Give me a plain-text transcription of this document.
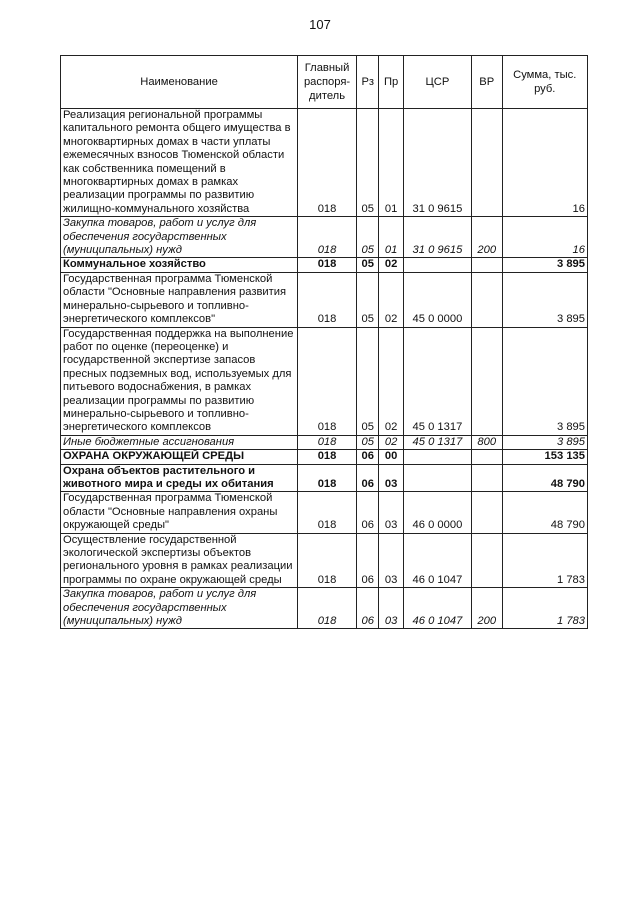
107
Наименование	Главный распоря-дитель	Рз	Пр	ЦСР	ВР	Сумма, тыс. руб.
Реализация региональной программы капитального ремонта общего имущества в многоквартирных домах в части уплаты ежемесячных взносов Тюменской области как собственника помещений в многоквартирных домах в рамках реализации программы по развитию жилищно-коммунального хозяйства	018	05	01	31 0 9615		16
Закупка товаров, работ и услуг для обеспечения государственных (муниципальных) нужд	018	05	01	31 0 9615	200	16
Коммунальное хозяйство	018	05	02			3 895
Государственная программа Тюменской области "Основные направления развития минерально-сырьевого и топливно-энергетического комплексов"	018	05	02	45 0 0000		3 895
Государственная поддержка на выполнение работ по оценке (переоценке) и государственной экспертизе запасов пресных подземных вод, используемых для питьевого водоснабжения, в рамках реализации программы по развитию минерально-сырьевого и топливно-энергетического комплексов	018	05	02	45 0 1317		3 895
Иные бюджетные ассигнования	018	05	02	45 0 1317	800	3 895
ОХРАНА ОКРУЖАЮЩЕЙ СРЕДЫ	018	06	00			153 135
Охрана объектов растительного и животного мира и среды их обитания	018	06	03			48 790
Государственная программа Тюменской области "Основные направления охраны окружающей среды"	018	06	03	46 0 0000		48 790
Осуществление государственной экологической экспертизы объектов регионального уровня в рамках реализации программы по охране окружающей среды	018	06	03	46 0 1047		1 783
Закупка товаров, работ и услуг для обеспечения государственных (муниципальных) нужд	018	06	03	46 0 1047	200	1 783
